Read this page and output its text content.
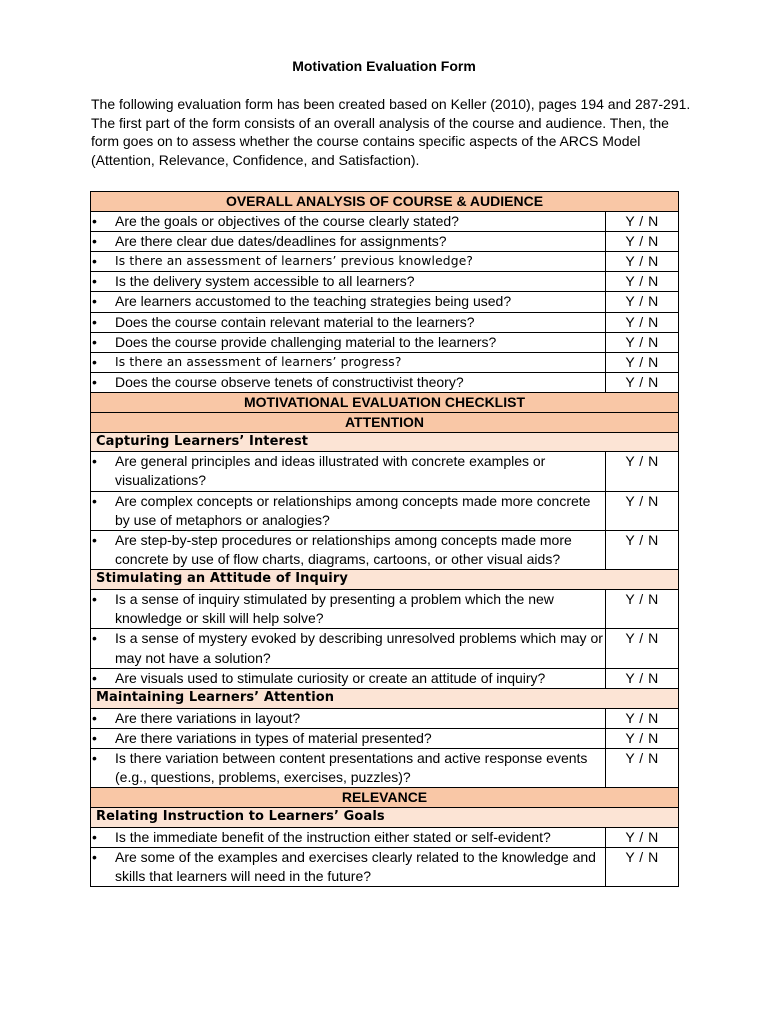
Motivation Evaluation Form

The following evaluation form has been created based on Keller (2010), pages 194 and 287-291. The first part of the form consists of an overall analysis of the course and audience. Then, the form goes on to assess whether the course contains specific aspects of the ARCS Model (Attention, Relevance, Confidence, and Satisfaction).

OVERALL ANALYSIS OF COURSE & AUDIENCE	

• Are the goals or objectives of the course clearly stated?	Y / N

• Are there clear due dates/deadlines for assignments?	Y / N

• Is there an assessment of learners’ previous knowledge?	Y / N

• Is the delivery system accessible to all learners?	Y / N

• Are learners accustomed to the teaching strategies being used?	Y / N

• Does the course contain relevant material to the learners?	Y / N

• Does the course provide challenging material to the learners?	Y / N

• Is there an assessment of learners’ progress?	Y / N

• Does the course observe tenets of constructivist theory?	Y / N
MOTIVATIONAL EVALUATION CHECKLIST	
ATTENTION	
Capturing Learners’ Interest	

• Are general principles and ideas illustrated with concrete examples or visualizations?	Y / N

• Are complex concepts or relationships among concepts made more concrete by use of metaphors or analogies?	Y / N

• Are step-by-step procedures or relationships among concepts made more concrete by use of flow charts, diagrams, cartoons, or other visual aids?	Y / N
Stimulating an Attitude of Inquiry	

• Is a sense of inquiry stimulated by presenting a problem which the new knowledge or skill will help solve?	Y / N

• Is a sense of mystery evoked by describing unresolved problems which may or may not have a solution?	Y / N

• Are visuals used to stimulate curiosity or create an attitude of inquiry?	Y / N
Maintaining Learners’ Attention	

• Are there variations in layout?	Y / N

• Are there variations in types of material presented?	Y / N

• Is there variation between content presentations and active response events (e.g., questions, problems, exercises, puzzles)?	Y / N
RELEVANCE	
Relating Instruction to Learners’ Goals	

• Is the immediate benefit of the instruction either stated or self-evident?	Y / N

• Are some of the examples and exercises clearly related to the knowledge and skills that learners will need in the future?	Y / N
